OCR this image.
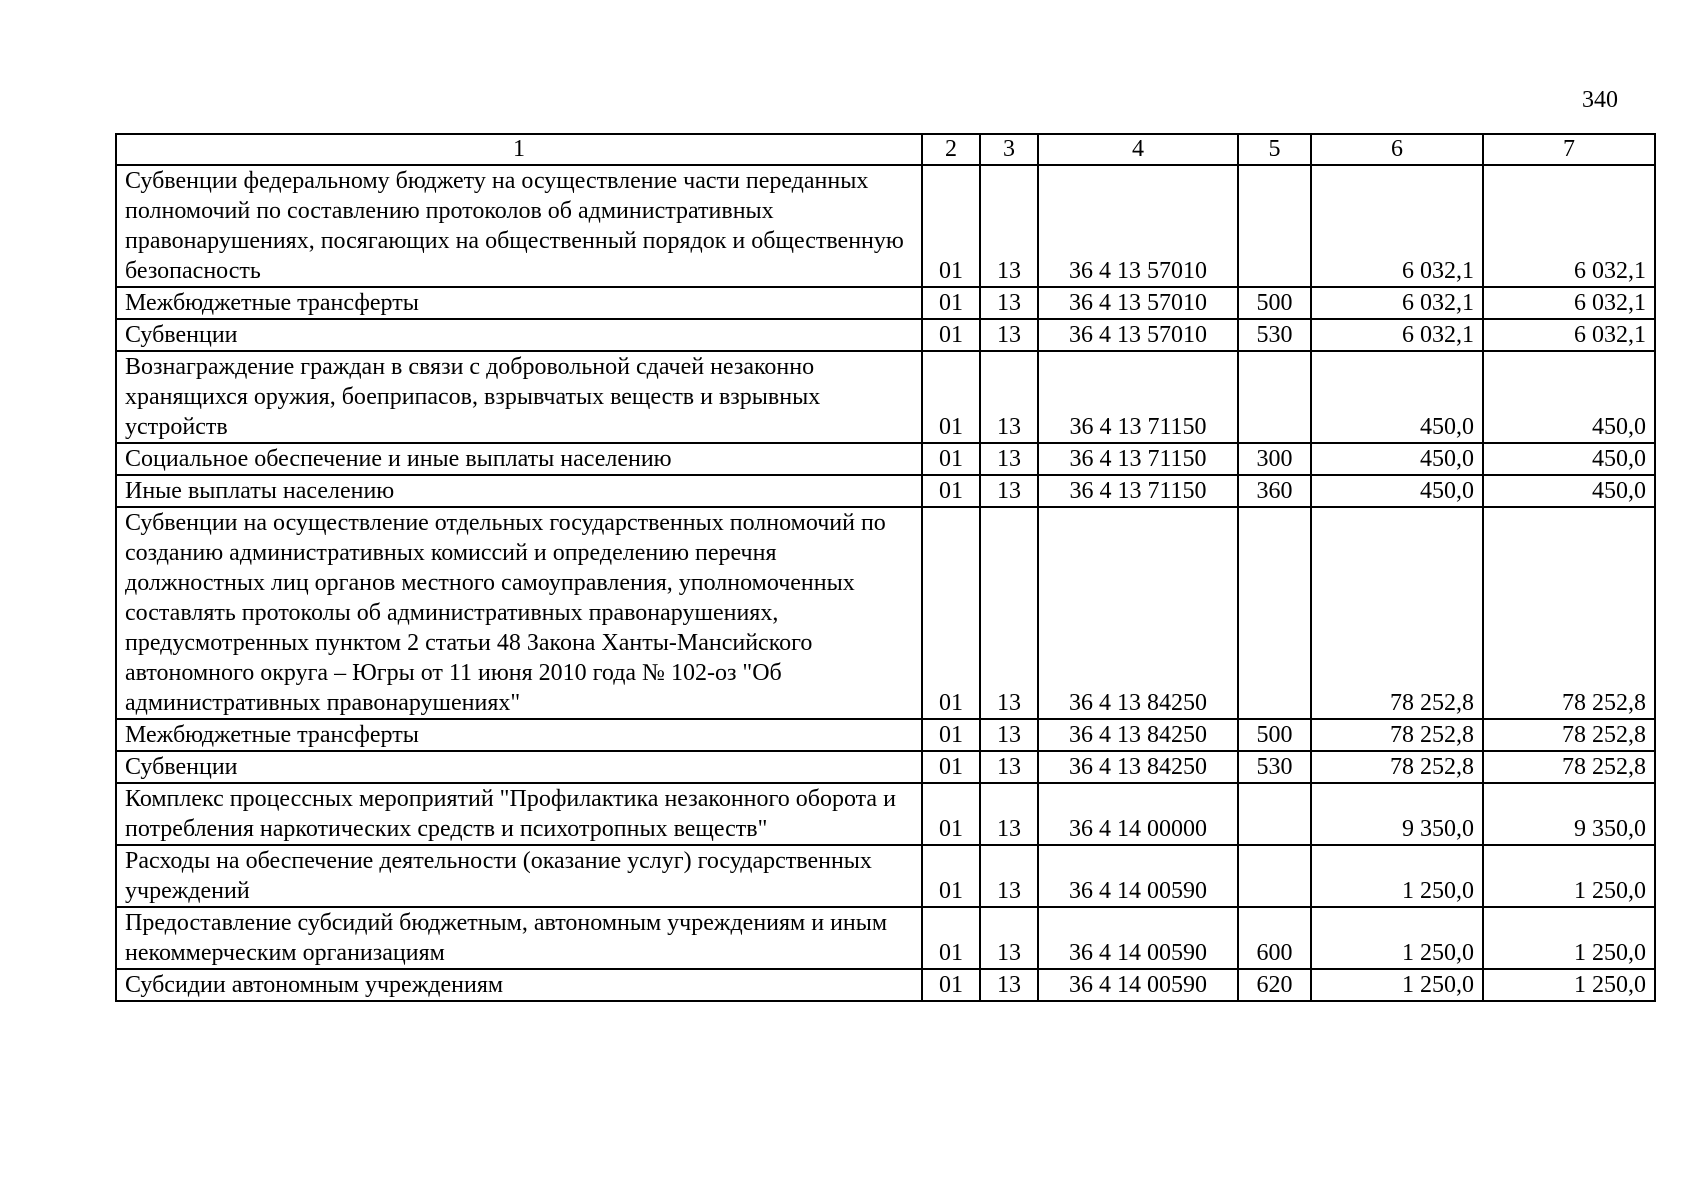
340
1	2	3	4	5	6	7
Субвенции федеральному бюджету на осуществление части переданных полномочий по составлению протоколов об административных правонарушениях, посягающих на общественный порядок и общественную безопасность	01	13	36 4 13 57010		6 032,1	6 032,1
Межбюджетные трансферты	01	13	36 4 13 57010	500	6 032,1	6 032,1
Субвенции	01	13	36 4 13 57010	530	6 032,1	6 032,1
Вознаграждение граждан в связи с добровольной сдачей незаконно хранящихся оружия, боеприпасов, взрывчатых веществ и взрывных устройств	01	13	36 4 13 71150		450,0	450,0
Социальное обеспечение и иные выплаты населению	01	13	36 4 13 71150	300	450,0	450,0
Иные выплаты населению	01	13	36 4 13 71150	360	450,0	450,0
Субвенции на осуществление отдельных государственных полномочий по созданию административных комиссий и определению перечня должностных лиц органов местного самоуправления, уполномоченных составлять протоколы об административных правонарушениях, предусмотренных пунктом 2 статьи 48 Закона Ханты-Мансийского автономного округа – Югры от 11 июня 2010 года № 102-оз "Об административных правонарушениях"	01	13	36 4 13 84250		78 252,8	78 252,8
Межбюджетные трансферты	01	13	36 4 13 84250	500	78 252,8	78 252,8
Субвенции	01	13	36 4 13 84250	530	78 252,8	78 252,8
Комплекс процессных мероприятий "Профилактика незаконного оборота и потребления наркотических средств и психотропных веществ"	01	13	36 4 14 00000		9 350,0	9 350,0
Расходы на обеспечение деятельности (оказание услуг) государственных учреждений	01	13	36 4 14 00590		1 250,0	1 250,0
Предоставление субсидий бюджетным, автономным учреждениям и иным некоммерческим организациям	01	13	36 4 14 00590	600	1 250,0	1 250,0
Субсидии автономным учреждениям	01	13	36 4 14 00590	620	1 250,0	1 250,0
